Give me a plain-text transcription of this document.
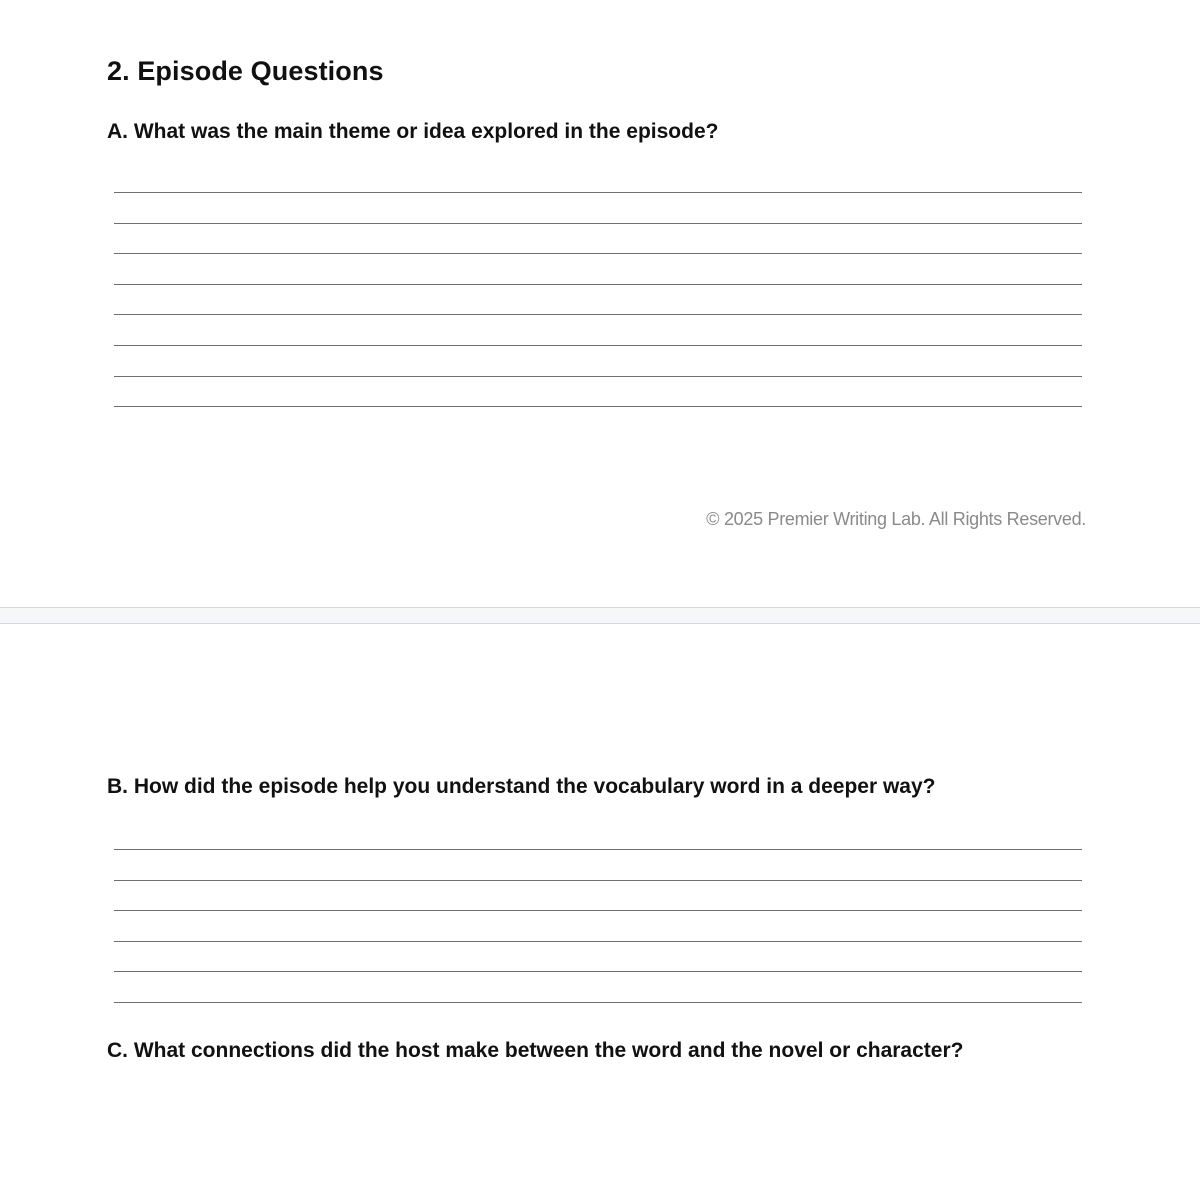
2. Episode Questions

A. What was the main theme or idea explored in the episode?

© 2025 Premier Writing Lab. All Rights Reserved.

B. How did the episode help you understand the vocabulary word in a deeper way?

C. What connections did the host make between the word and the novel or character?
